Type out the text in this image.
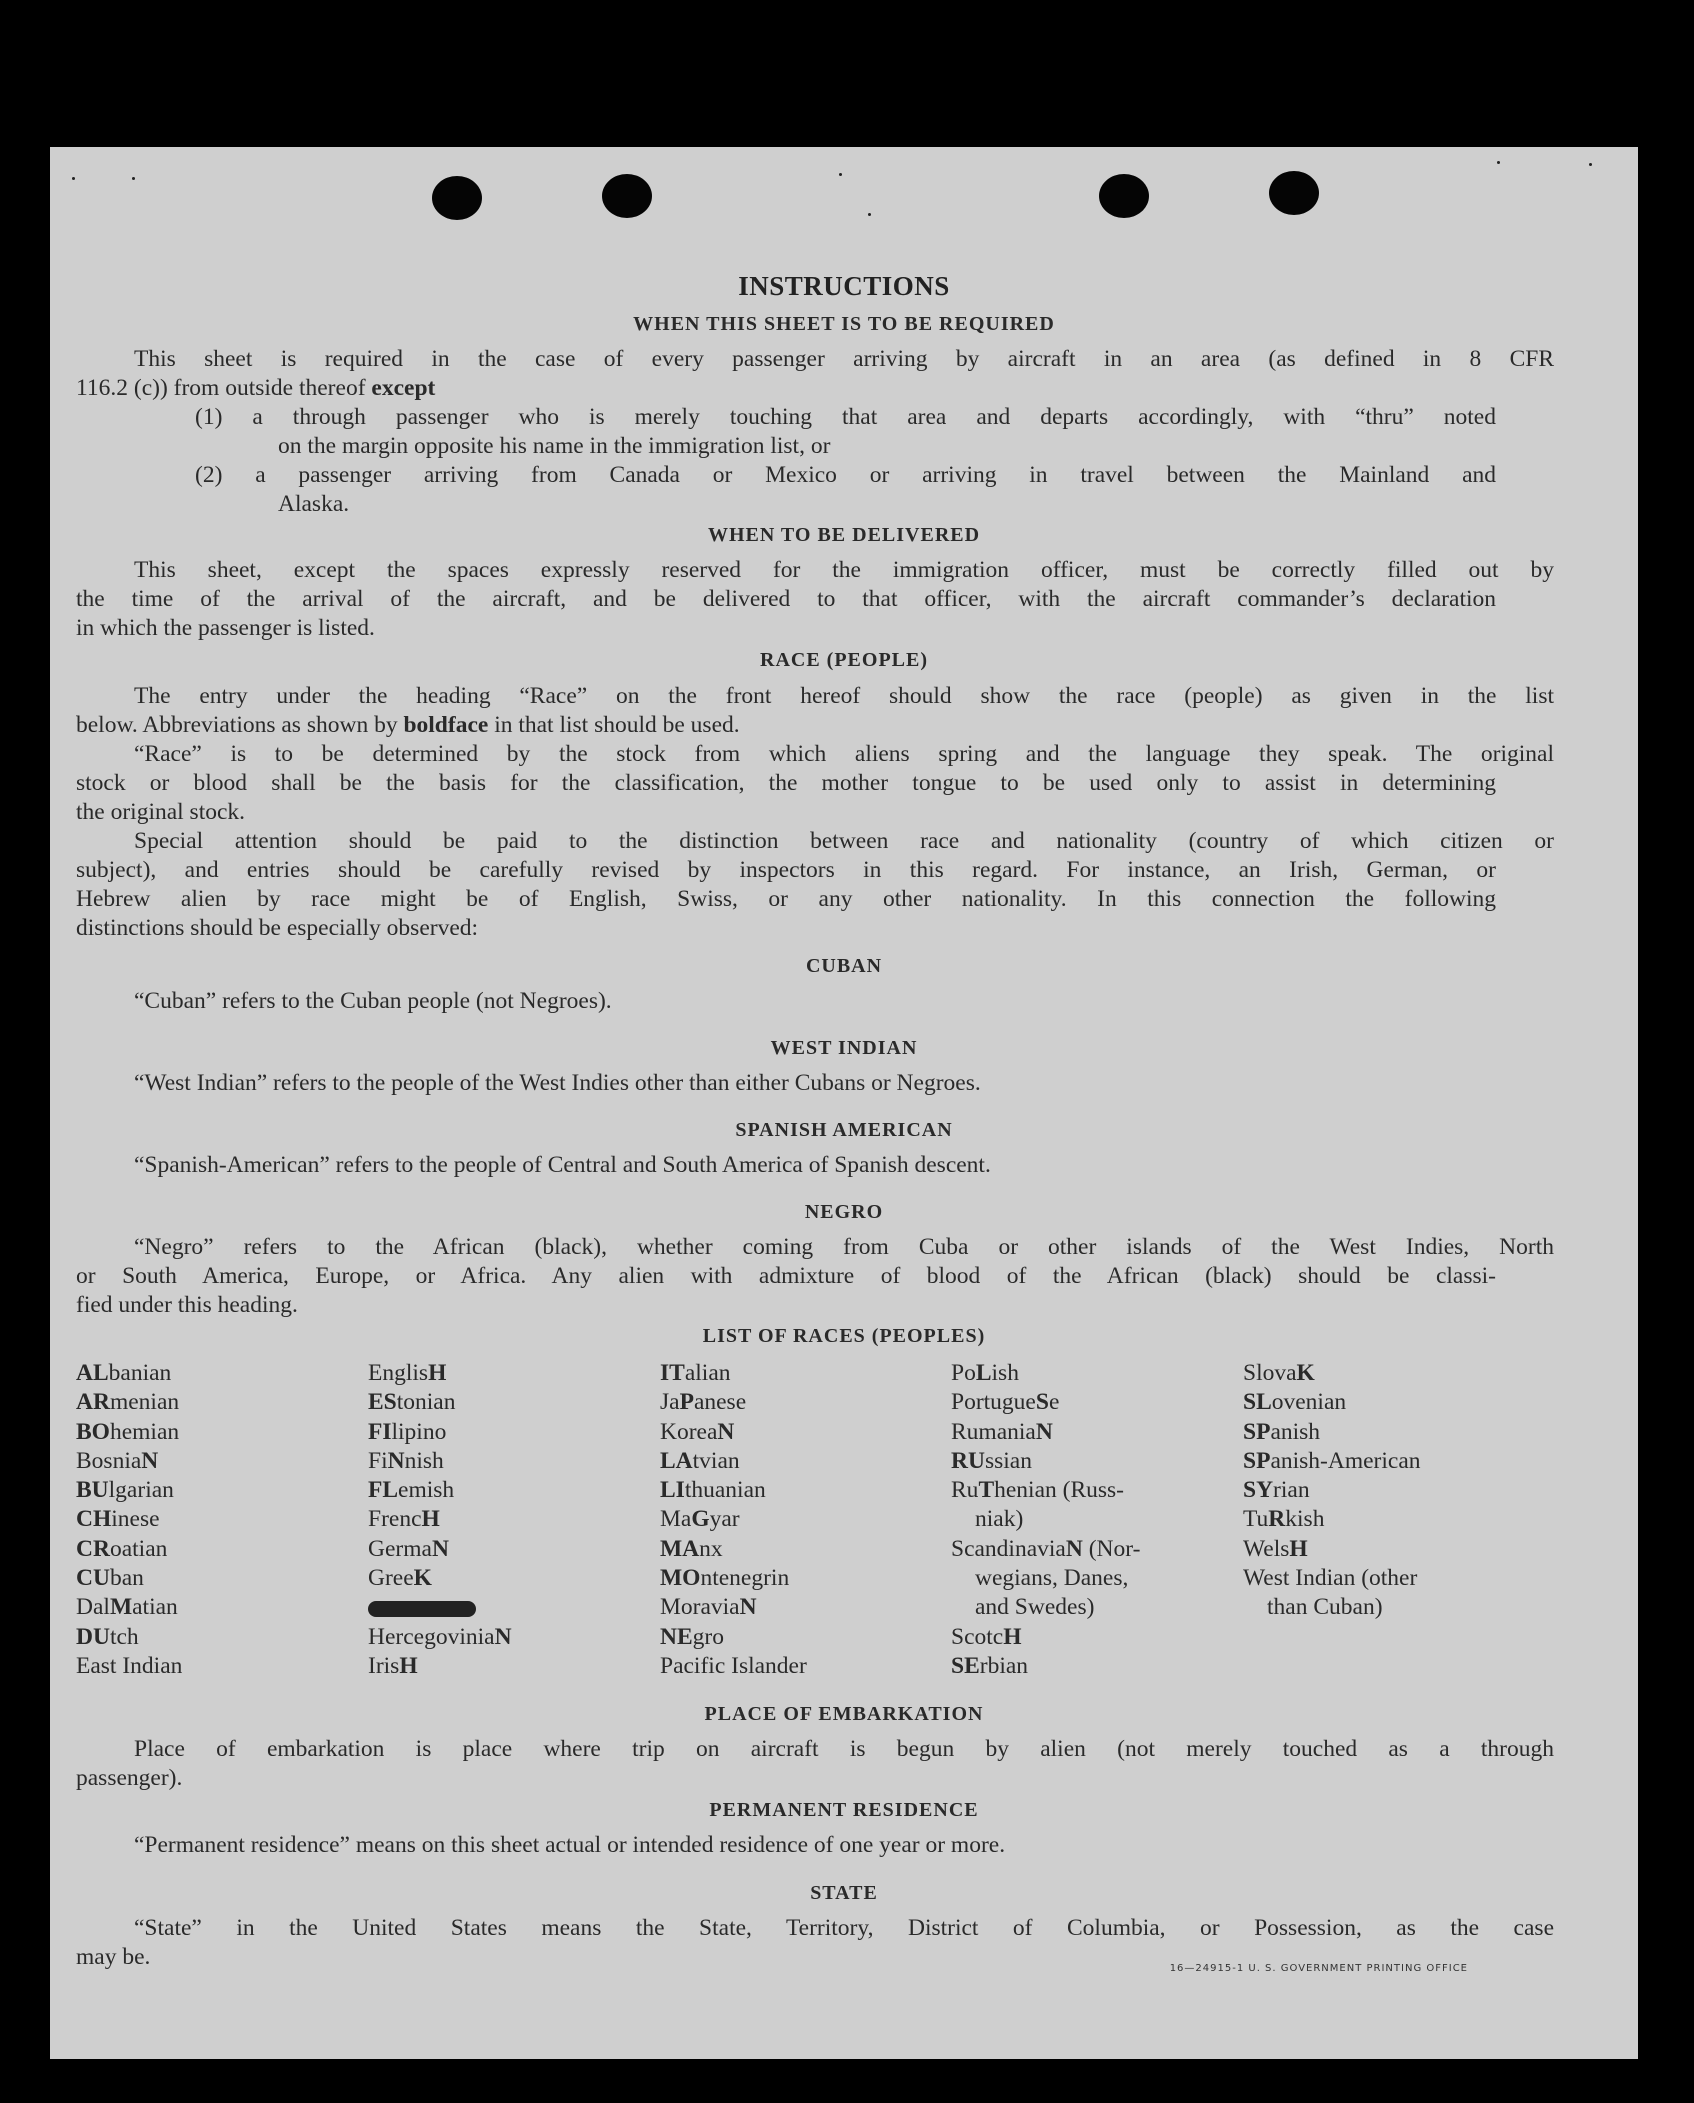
INSTRUCTIONS
WHEN THIS SHEET IS TO BE REQUIRED
This sheet is required in the case of every passenger arriving by aircraft in an area (as defined in 8 CFR
116.2 (c)) from outside thereof except
(1) a through passenger who is merely touching that area and departs accordingly, with “thru” noted
on the margin opposite his name in the immigration list, or
(2) a passenger arriving from Canada or Mexico or arriving in travel between the Mainland and
Alaska.
WHEN TO BE DELIVERED
This sheet, except the spaces expressly reserved for the immigration officer, must be correctly filled out by
the time of the arrival of the aircraft, and be delivered to that officer, with the aircraft commander’s declaration
in which the passenger is listed.
RACE (PEOPLE)
The entry under the heading “Race” on the front hereof should show the race (people) as given in the list
below. Abbreviations as shown by boldface in that list should be used.
“Race” is to be determined by the stock from which aliens spring and the language they speak. The original
stock or blood shall be the basis for the classification, the mother tongue to be used only to assist in determining
the original stock.
Special attention should be paid to the distinction between race and nationality (country of which citizen or
subject), and entries should be carefully revised by inspectors in this regard. For instance, an Irish, German, or
Hebrew alien by race might be of English, Swiss, or any other nationality. In this connection the following
distinctions should be especially observed:
CUBAN
“Cuban” refers to the Cuban people (not Negroes).
WEST INDIAN
“West Indian” refers to the people of the West Indies other than either Cubans or Negroes.
SPANISH AMERICAN
“Spanish-American” refers to the people of Central and South America of Spanish descent.
NEGRO
“Negro” refers to the African (black), whether coming from Cuba or other islands of the West Indies, North
or South America, Europe, or Africa. Any alien with admixture of blood of the African (black) should be classi-
fied under this heading.
LIST OF RACES (PEOPLES)
ALbanian
ARmenian
BOhemian
BosniaN
BUlgarian
CHinese
CRoatian
CUban
DalMatian
DUtch
East Indian
EnglisH
EStonian
FIlipino
FiNnish
FLemish
FrencH
GermaN
GreeK
HercegoviniaN
IrisH
ITalian
JaPanese
KoreaN
LAtvian
LIthuanian
MaGyar
MAnx
MOntenegrin
MoraviaN
NEgro
Pacific Islander
PoLish
PortugueSe
RumaniaN
RUssian
RuThenian (Russ-
niak)
ScandinaviaN (Nor-
wegians, Danes,
and Swedes)
ScotcH
SErbian
SlovaK
SLovenian
SPanish
SPanish-American
SYrian
TuRkish
WelsH
West Indian (other
than Cuban)
PLACE OF EMBARKATION
Place of embarkation is place where trip on aircraft is begun by alien (not merely touched as a through
passenger).
PERMANENT RESIDENCE
“Permanent residence” means on this sheet actual or intended residence of one year or more.
STATE
“State” in the United States means the State, Territory, District of Columbia, or Possession, as the case
may be.	16—24915-1 U. S. GOVERNMENT PRINTING OFFICE
